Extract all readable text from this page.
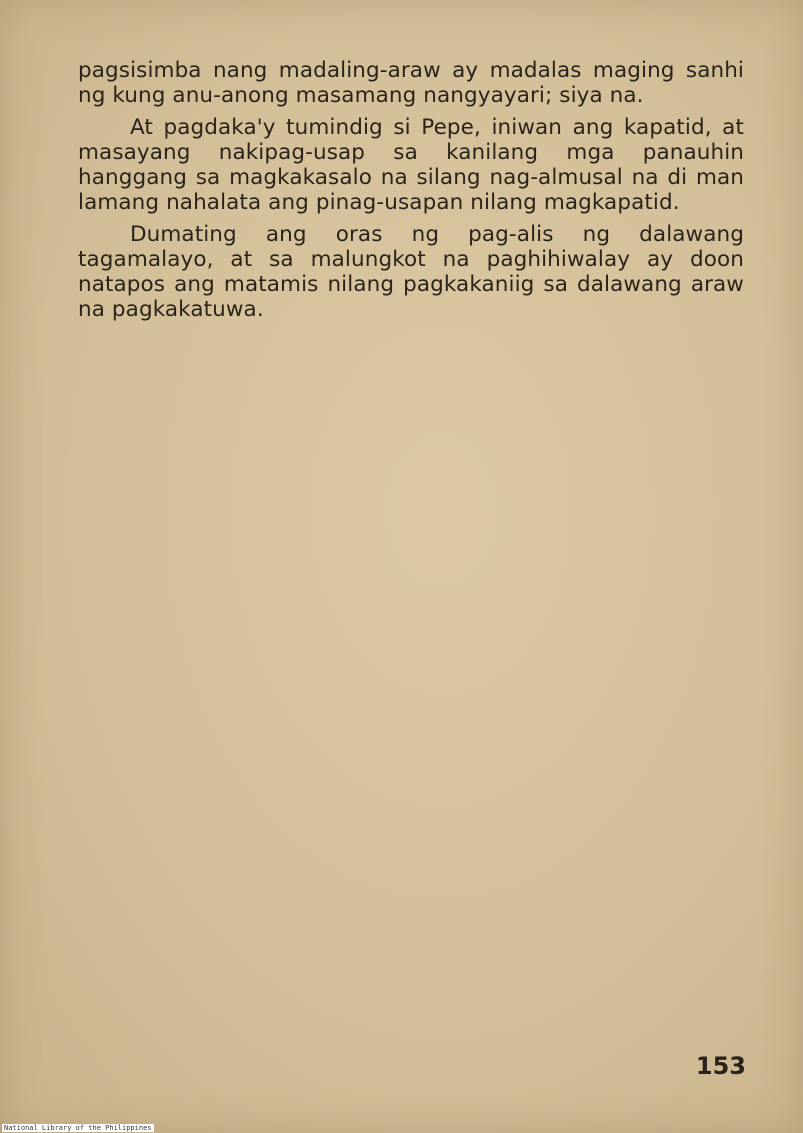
pagsisimba nang madaling-araw ay madalas maging sanhi ng kung anu-anong masamang nangyayari; siya na.

At pagdaka'y tumindig si Pepe, iniwan ang kapatid, at masayang nakipag-usap sa kanilang mga panauhin hanggang sa magkakasalo na silang nag-almusal na di man lamang nahalata ang pinag-usapan nilang magkapatid.

Dumating ang oras ng pag-alis ng dalawang tagamalayo, at sa malungkot na paghihiwalay ay doon natapos ang matamis nilang pagkakaniig sa dalawang araw na pagkakatuwa.

153
National Library of the Philippines
